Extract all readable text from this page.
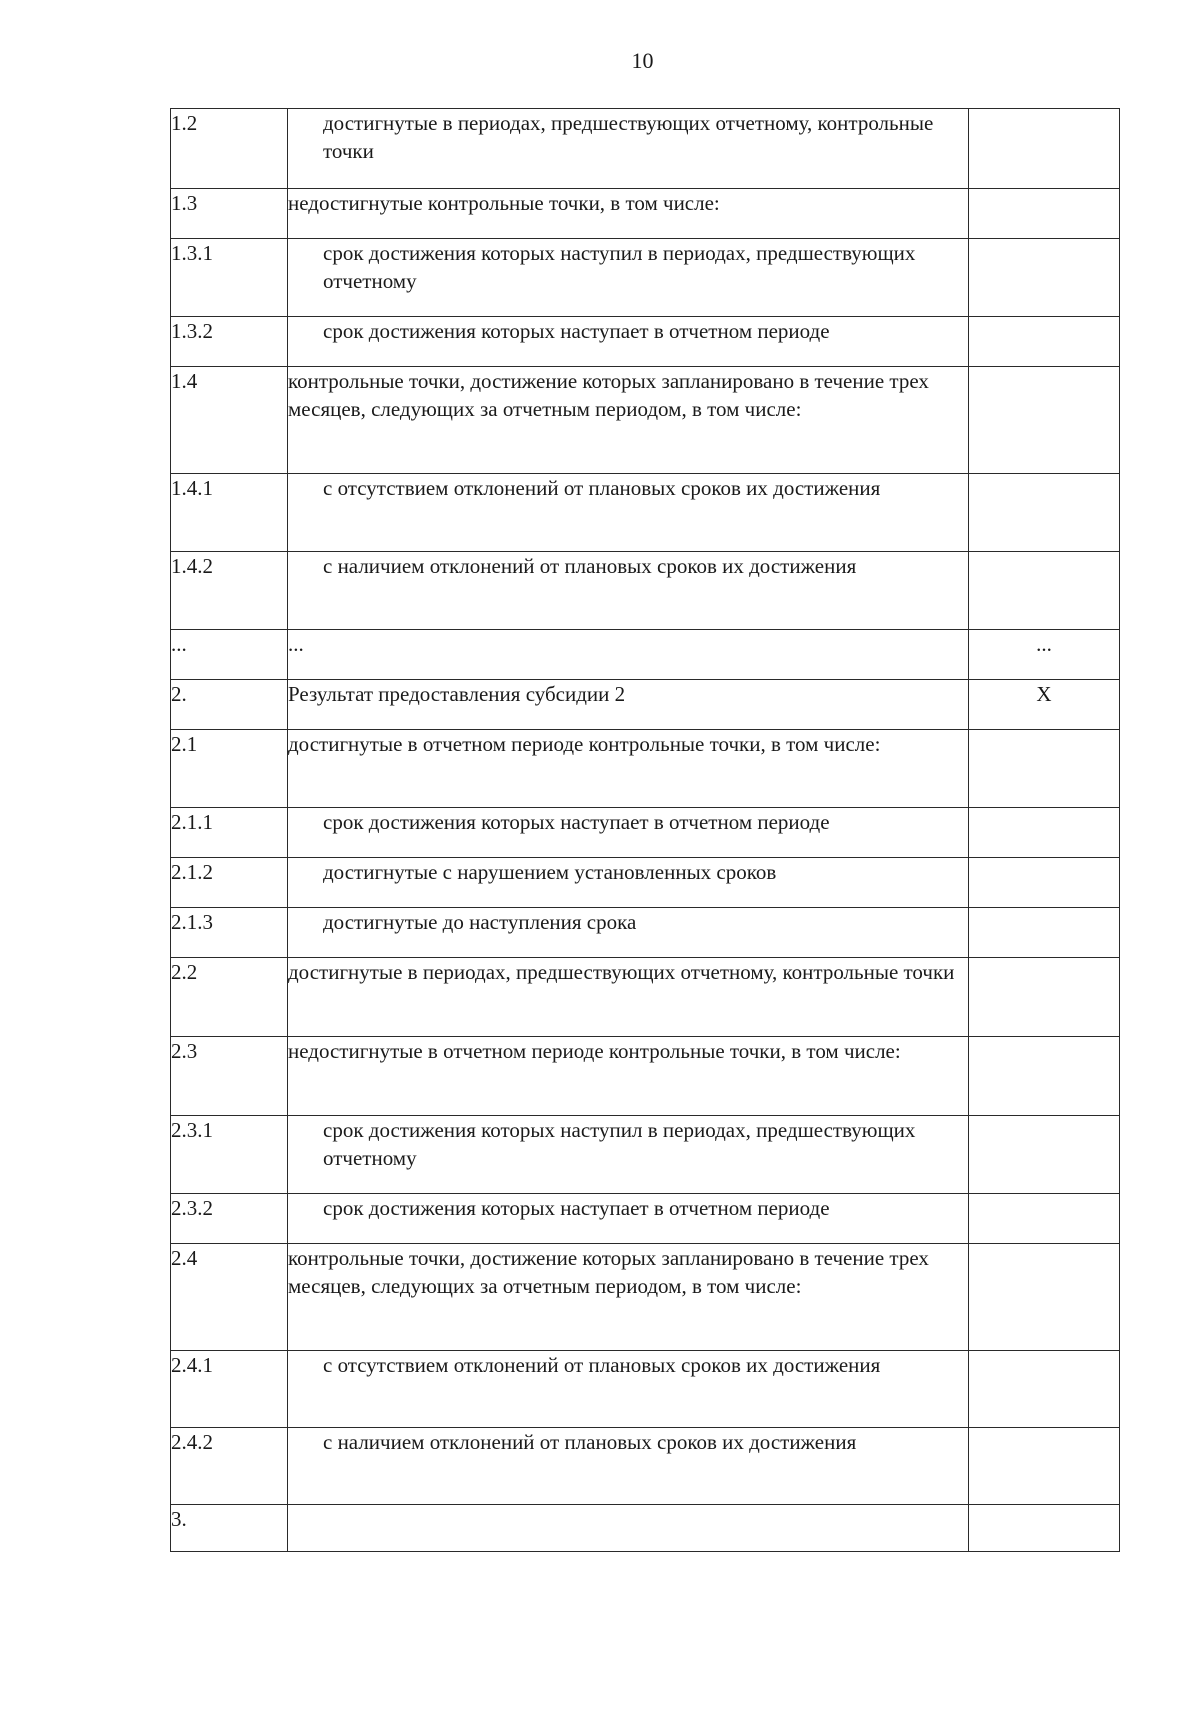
10
1.2	достигнутые в периодах, предшествующих отчетному, контрольные точки	
1.3	недостигнутые контрольные точки, в том числе:	
1.3.1	срок достижения которых наступил в периодах, предшествующих отчетному	
1.3.2	срок достижения которых наступает в отчетном периоде	
1.4	контрольные точки, достижение которых запланировано в течение трех месяцев, следующих за отчетным периодом, в том числе:	
1.4.1	с отсутствием отклонений от плановых сроков их достижения	
1.4.2	с наличием отклонений от плановых сроков их достижения	
...	...	...
2.	Результат предоставления субсидии 2	X
2.1	достигнутые в отчетном периоде контрольные точки, в том числе:	
2.1.1	срок достижения которых наступает в отчетном периоде	
2.1.2	достигнутые с нарушением установленных сроков	
2.1.3	достигнутые до наступления срока	
2.2	достигнутые в периодах, предшествующих отчетному, контрольные точки	
2.3	недостигнутые в отчетном периоде контрольные точки, в том числе:	
2.3.1	срок достижения которых наступил в периодах, предшествующих отчетному	
2.3.2	срок достижения которых наступает в отчетном периоде	
2.4	контрольные точки, достижение которых запланировано в течение трех месяцев, следующих за отчетным периодом, в том числе:	
2.4.1	с отсутствием отклонений от плановых сроков их достижения	
2.4.2	с наличием отклонений от плановых сроков их достижения	
3.		
